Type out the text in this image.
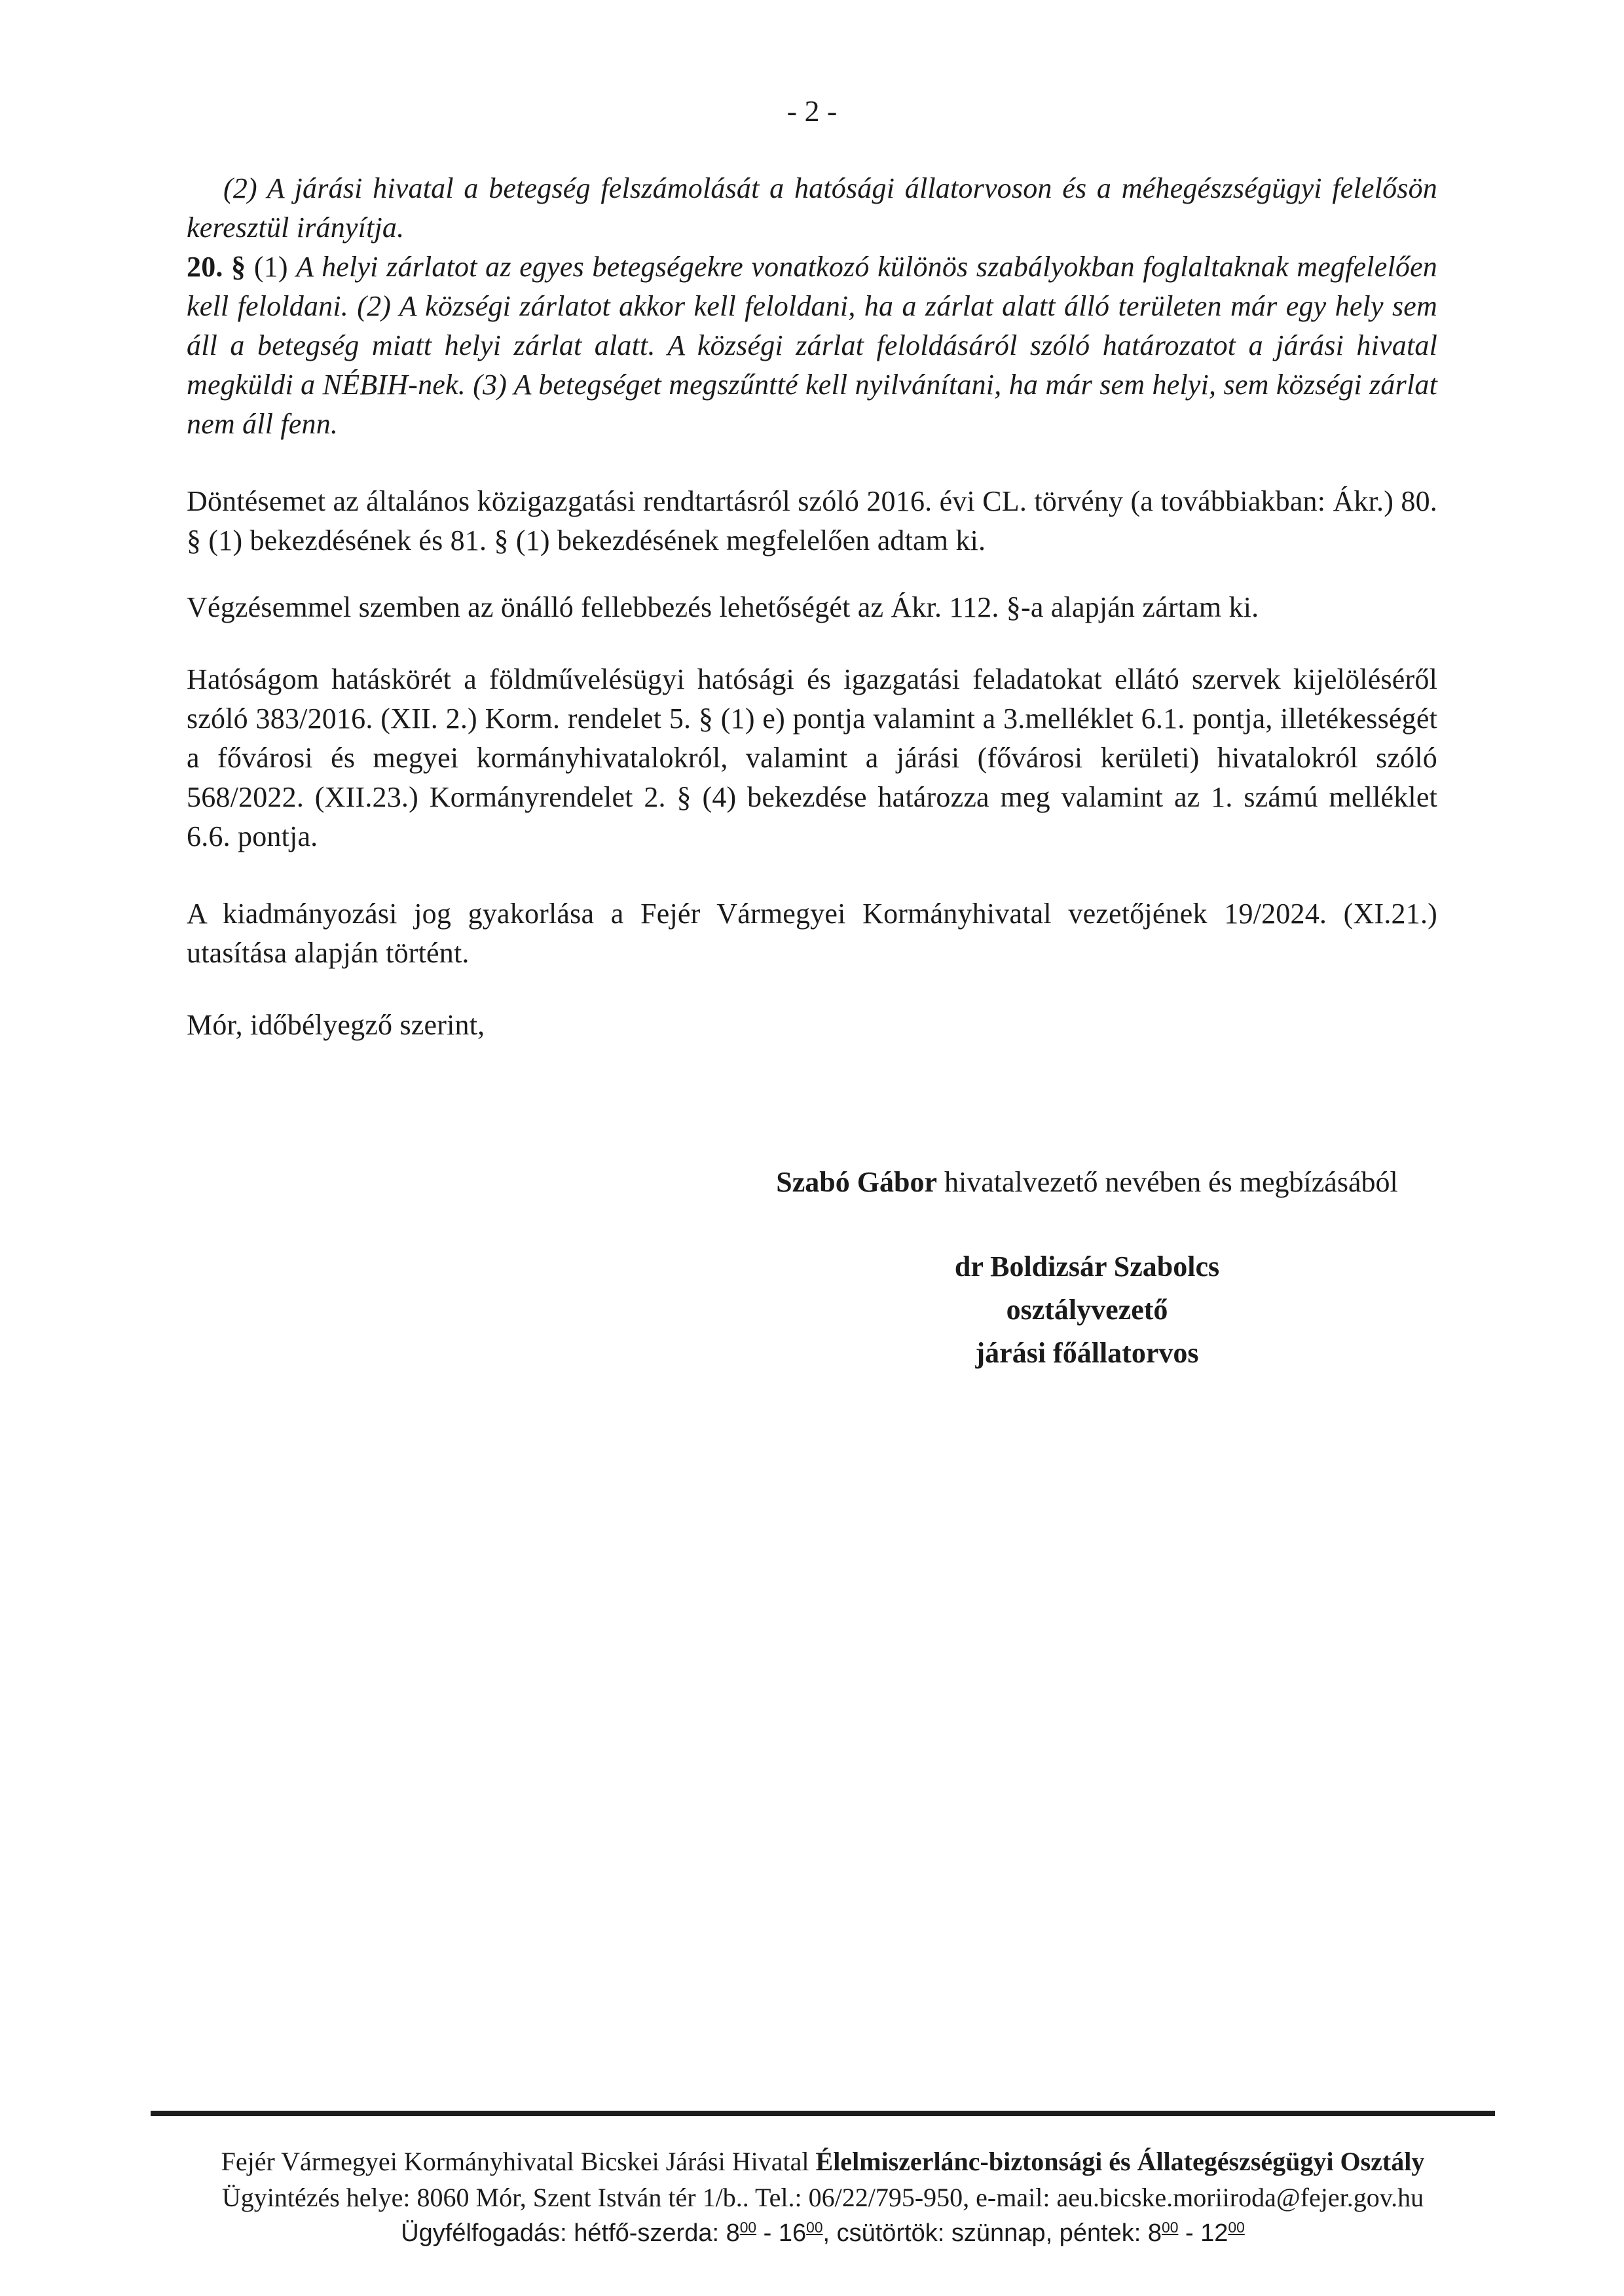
- 2 -

(2) A járási hivatal a betegség felszámolását a hatósági állatorvoson és a méhegészségügyi felelősön keresztül irányítja.

20. § (1) A helyi zárlatot az egyes betegségekre vonatkozó különös szabályokban foglaltaknak megfelelően kell feloldani. (2) A községi zárlatot akkor kell feloldani, ha a zárlat alatt álló területen már egy hely sem áll a betegség miatt helyi zárlat alatt. A községi zárlat feloldásáról szóló határozatot a járási hivatal megküldi a NÉBIH-nek. (3) A betegséget megszűntté kell nyilvánítani, ha már sem helyi, sem községi zárlat nem áll fenn.

Döntésemet az általános közigazgatási rendtartásról szóló 2016. évi CL. törvény (a továbbiakban: Ákr.) 80. § (1) bekezdésének és 81. § (1) bekezdésének megfelelően adtam ki.

Végzésemmel szemben az önálló fellebbezés lehetőségét az Ákr. 112. §-a alapján zártam ki.

Hatóságom hatáskörét a földművelésügyi hatósági és igazgatási feladatokat ellátó szervek kijelöléséről szóló 383/2016. (XII. 2.) Korm. rendelet 5. § (1) e) pontja valamint a 3.melléklet 6.1. pontja, illetékességét a fővárosi és megyei kormányhivatalokról, valamint a járási (fővárosi kerületi) hivatalokról szóló 568/2022. (XII.23.) Kormányrendelet 2. § (4) bekezdése határozza meg valamint az 1. számú melléklet 6.6. pontja.

A kiadmányozási jog gyakorlása a Fejér Vármegyei Kormányhivatal vezetőjének 19/2024. (XI.21.) utasítása alapján történt.

Mór, időbélyegző szerint,

Szabó Gábor hivatalvezető nevében és megbízásából
dr Boldizsár Szabolcs
osztályvezető
járási főállatorvos

Fejér Vármegyei Kormányhivatal Bicskei Járási Hivatal Élelmiszerlánc-biztonsági és Állategészségügyi Osztály

Ügyintézés helye: 8060 Mór, Szent István tér 1/b.. Tel.: 06/22/795-950, e-mail: aeu.bicske.moriiroda@fejer.gov.hu

Ügyfélfogadás: hétfő-szerda: $8^{00} - 16^{00}$, csütörtök: szünnap, péntek: $8^{00} - 12^{00}$
